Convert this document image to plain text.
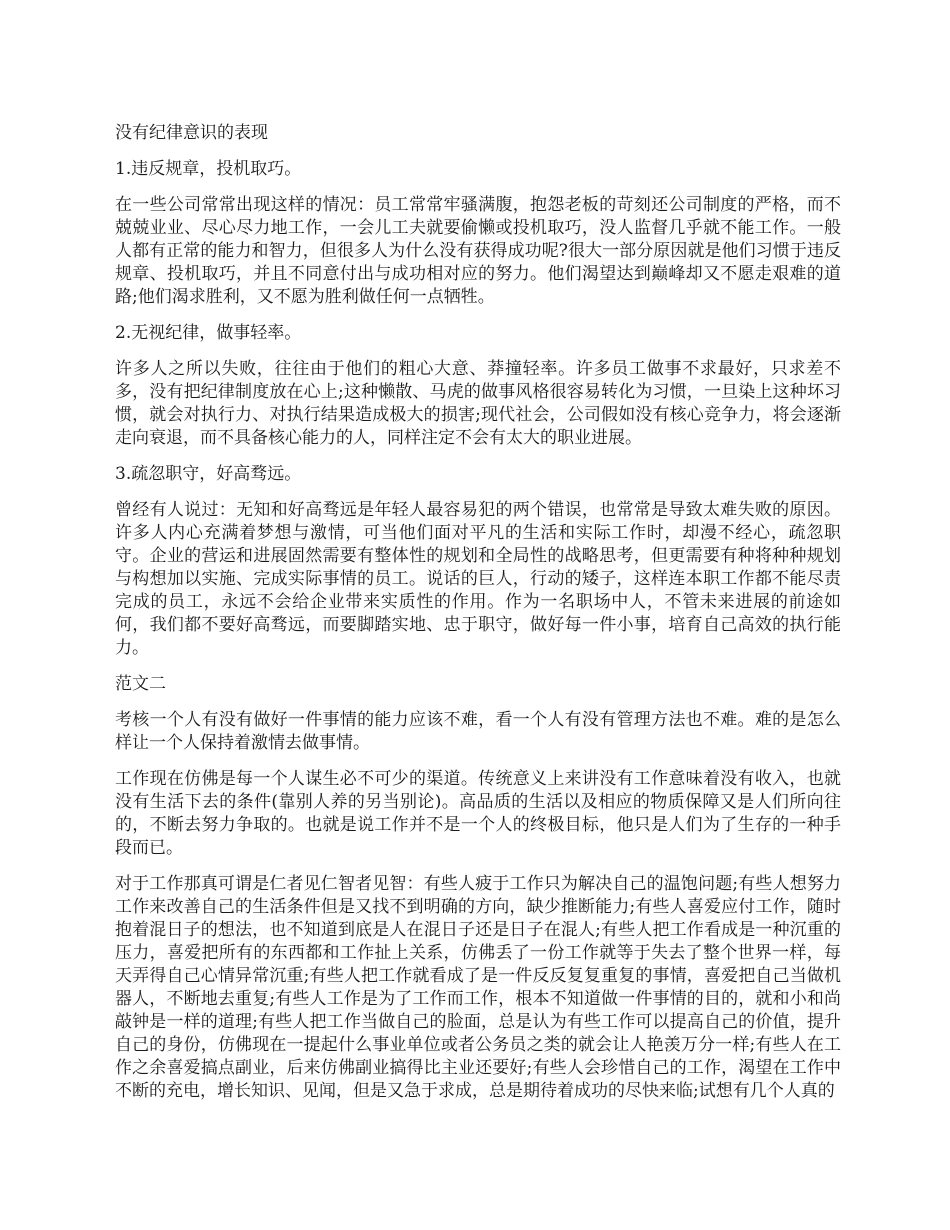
没有纪律意识的表现

1.违反规章，投机取巧。

在一些公司常常出现这样的情况：员工常常牢骚满腹，抱怨老板的苛刻还公司制度的严格，而不兢兢业业、尽心尽力地工作，一会儿工夫就要偷懒或投机取巧，没人监督几乎就不能工作。一般人都有正常的能力和智力，但很多人为什么没有获得成功呢?很大一部分原因就是他们习惯于违反规章、投机取巧，并且不同意付出与成功相对应的努力。他们渴望达到巅峰却又不愿走艰难的道路;他们渴求胜利，又不愿为胜利做任何一点牺牲。

2.无视纪律，做事轻率。

许多人之所以失败，往往由于他们的粗心大意、莽撞轻率。许多员工做事不求最好，只求差不多，没有把纪律制度放在心上;这种懒散、马虎的做事风格很容易转化为习惯，一旦染上这种坏习惯，就会对执行力、对执行结果造成极大的损害;现代社会，公司假如没有核心竞争力，将会逐渐走向衰退，而不具备核心能力的人，同样注定不会有太大的职业进展。

3.疏忽职守，好高骛远。

曾经有人说过：无知和好高骛远是年轻人最容易犯的两个错误，也常常是导致太难失败的原因。许多人内心充满着梦想与激情，可当他们面对平凡的生活和实际工作时，却漫不经心，疏忽职守。企业的营运和进展固然需要有整体性的规划和全局性的战略思考，但更需要有种将种种规划与构想加以实施、完成实际事情的员工。说话的巨人，行动的矮子，这样连本职工作都不能尽责完成的员工，永远不会给企业带来实质性的作用。作为一名职场中人，不管未来进展的前途如何，我们都不要好高骛远，而要脚踏实地、忠于职守，做好每一件小事，培育自己高效的执行能力。

范文二

考核一个人有没有做好一件事情的能力应该不难，看一个人有没有管理方法也不难。难的是怎么样让一个人保持着激情去做事情。

工作现在仿佛是每一个人谋生必不可少的渠道。传统意义上来讲没有工作意味着没有收入，也就没有生活下去的条件(靠别人养的另当别论)。高品质的生活以及相应的物质保障又是人们所向往的，不断去努力争取的。也就是说工作并不是一个人的终极目标，他只是人们为了生存的一种手段而已。

对于工作那真可谓是仁者见仁智者见智：有些人疲于工作只为解决自己的温饱问题;有些人想努力工作来改善自己的生活条件但是又找不到明确的方向，缺少推断能力;有些人喜爱应付工作，随时抱着混日子的想法，也不知道到底是人在混日子还是日子在混人;有些人把工作看成是一种沉重的压力，喜爱把所有的东西都和工作扯上关系，仿佛丢了一份工作就等于失去了整个世界一样，每天弄得自己心情异常沉重;有些人把工作就看成了是一件反反复复重复的事情，喜爱把自己当做机器人，不断地去重复;有些人工作是为了工作而工作，根本不知道做一件事情的目的，就和小和尚敲钟是一样的道理;有些人把工作当做自己的脸面，总是认为有些工作可以提高自己的价值，提升自己的身份，仿佛现在一提起什么事业单位或者公务员之类的就会让人艳羡万分一样;有些人在工作之余喜爱搞点副业，后来仿佛副业搞得比主业还要好;有些人会珍惜自己的工作，渴望在工作中不断的充电，增长知识、见闻，但是又急于求成，总是期待着成功的尽快来临;试想有几个人真的
